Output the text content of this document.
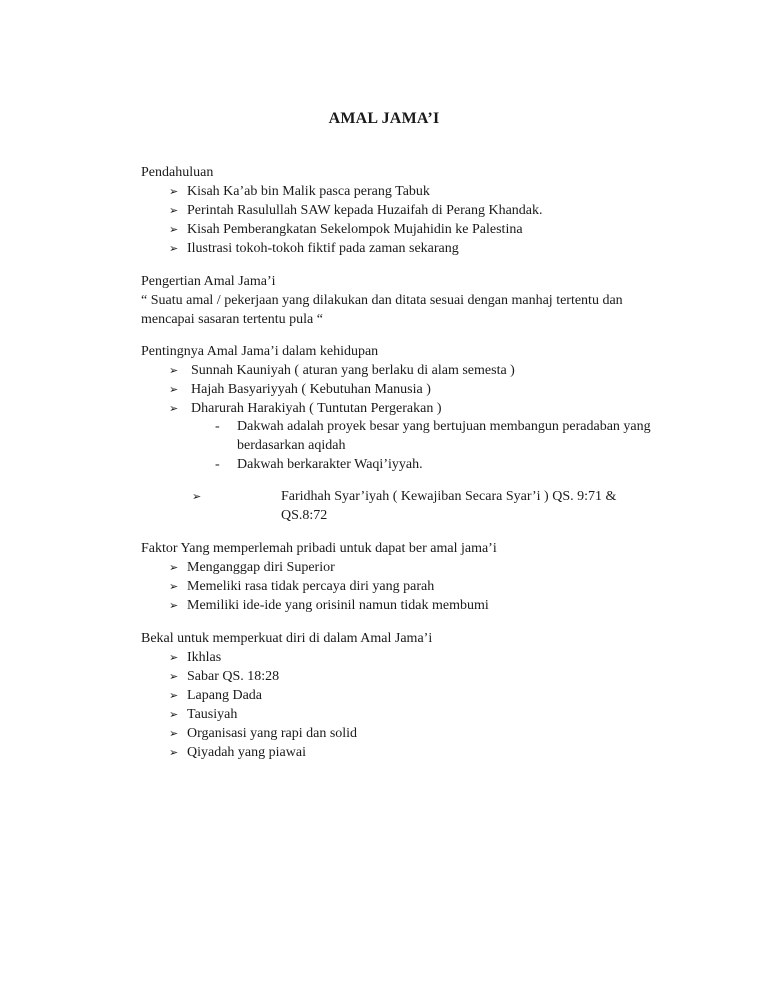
AMAL JAMA’I

Pendahuluan

➢ Kisah Ka’ab bin Malik pasca perang Tabuk
➢ Perintah Rasulullah SAW kepada Huzaifah di Perang Khandak.
➢ Kisah Pemberangkatan Sekelompok Mujahidin ke Palestina
➢ Ilustrasi tokoh-tokoh fiktif pada zaman sekarang

Pengertian Amal Jama’i

“ Suatu amal / pekerjaan yang dilakukan dan ditata sesuai dengan manhaj tertentu dan mencapai sasaran tertentu pula “

Pentingnya Amal Jama’i dalam kehidupan

➢ Sunnah Kauniyah ( aturan yang berlaku di alam semesta )
➢ Hajah Basyariyyah ( Kebutuhan Manusia )
➢ Dharurah Harakiyah ( Tuntutan Pergerakan )
- Dakwah adalah proyek besar yang bertujuan membangun peradaban yang berdasarkan aqidah
- Dakwah berkarakter Waqi’iyyah.
➢	Faridhah Syar’iyah ( Kewajiban Secara Syar’i ) QS. 9:71 & QS.8:72

Faktor Yang memperlemah pribadi untuk dapat ber amal jama’i

➢ Menganggap diri Superior
➢ Memeliki rasa tidak percaya diri yang parah
➢ Memiliki ide-ide yang orisinil namun tidak membumi

Bekal untuk memperkuat diri di dalam Amal Jama’i

➢ Ikhlas
➢ Sabar QS. 18:28
➢ Lapang Dada
➢ Tausiyah
➢ Organisasi yang rapi dan solid
➢ Qiyadah yang piawai
